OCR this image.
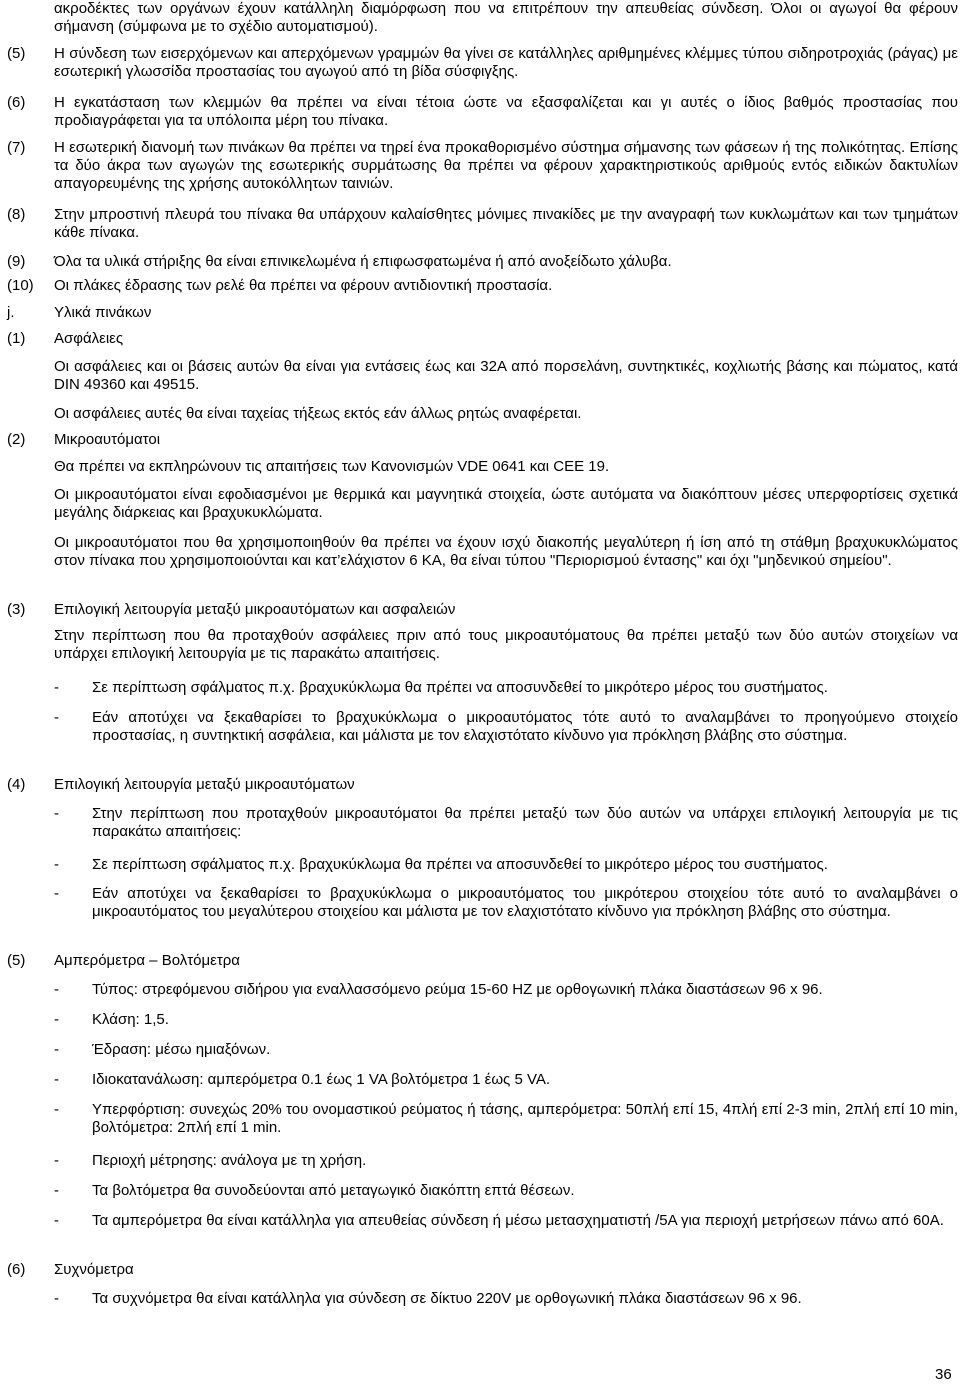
ακροδέκτες των οργάνων έχουν κατάλληλη διαμόρφωση που να επιτρέπουν την απευθείας σύνδεση. Όλοι οι αγωγοί θα φέρουν σήμανση (σύμφωνα με το σχέδιο αυτοματισμού).
(5) Η σύνδεση των εισερχόμενων και απερχόμενων γραμμών θα γίνει σε κατάλληλες αριθμημένες κλέμμες τύπου σιδηροτροχιάς (ράγας) με εσωτερική γλωσσίδα προστασίας του αγωγού από τη βίδα σύσφιγξης.
(6) Η εγκατάσταση των κλεμμών θα πρέπει να είναι τέτοια ώστε να εξασφαλίζεται και γι αυτές ο ίδιος βαθμός προστασίας που προδιαγράφεται για τα υπόλοιπα μέρη του πίνακα.
(7) Η εσωτερική διανομή των πινάκων θα πρέπει να τηρεί ένα προκαθορισμένο σύστημα σήμανσης των φάσεων ή της πολικότητας. Επίσης τα δύο άκρα των αγωγών της εσωτερικής συρμάτωσης θα πρέπει να φέρουν χαρακτηριστικούς αριθμούς εντός ειδικών δακτυλίων απαγορευμένης της χρήσης αυτοκόλλητων ταινιών.
(8) Στην μπροστινή πλευρά του πίνακα θα υπάρχουν καλαίσθητες μόνιμες πινακίδες με την αναγραφή των κυκλωμάτων και των τμημάτων κάθε πίνακα.
(9) Όλα τα υλικά στήριξης θα είναι επινικελωμένα ή επιφωσφατωμένα ή από ανοξείδωτο χάλυβα.
(10) Οι πλάκες έδρασης των ρελέ θα πρέπει να φέρουν αντιδιοντική προστασία.
j.	Υλικά πινάκων
(1) Ασφάλειες
Οι ασφάλειες και οι βάσεις αυτών θα είναι για εντάσεις έως και 32Α από πορσελάνη, συντηκτικές, κοχλιωτής βάσης και πώματος, κατά DIN 49360 και 49515.
Οι ασφάλειες αυτές θα είναι ταχείας τήξεως εκτός εάν άλλως ρητώς αναφέρεται.
(2) Μικροαυτόματοι
Θα πρέπει να εκπληρώνουν τις απαιτήσεις των Κανονισμών VDE 0641 και CEE 19.
Οι μικροαυτόματοι είναι εφοδιασμένοι με θερμικά και μαγνητικά στοιχεία, ώστε αυτόματα να διακόπτουν μέσες υπερφορτίσεις σχετικά μεγάλης διάρκειας και βραχυκυκλώματα.
Οι μικροαυτόματοι που θα χρησιμοποιηθούν θα πρέπει να έχουν ισχύ διακοπής μεγαλύτερη ή ίση από τη στάθμη βραχυκυκλώματος στον πίνακα που χρησιμοποιούνται και κατ’ελάχιστον 6 ΚΑ, θα είναι τύπου "Περιορισμού έντασης" και όχι "μηδενικού σημείου".
(3) Επιλογική λειτουργία μεταξύ μικροαυτόματων και ασφαλειών
Στην περίπτωση που θα προταχθούν ασφάλειες πριν από τους μικροαυτόματους θα πρέπει μεταξύ των δύο αυτών στοιχείων να υπάρχει επιλογική λειτουργία με τις παρακάτω απαιτήσεις.
- Σε περίπτωση σφάλματος π.χ. βραχυκύκλωμα θα πρέπει να αποσυνδεθεί το μικρότερο μέρος του συστήματος.
- Εάν αποτύχει να ξεκαθαρίσει το βραχυκύκλωμα ο μικροαυτόματος τότε αυτό το αναλαμβάνει το προηγούμενο στοιχείο προστασίας, η συντηκτική ασφάλεια, και μάλιστα με τον ελαχιστότατο κίνδυνο για πρόκληση βλάβης στο σύστημα.
(4) Επιλογική λειτουργία μεταξύ μικροαυτόματων
- Στην περίπτωση που προταχθούν μικροαυτόματοι θα πρέπει μεταξύ των δύο αυτών να υπάρχει επιλογική λειτουργία με τις παρακάτω απαιτήσεις:
- Σε περίπτωση σφάλματος π.χ. βραχυκύκλωμα θα πρέπει να αποσυνδεθεί το μικρότερο μέρος του συστήματος.
- Εάν αποτύχει να ξεκαθαρίσει το βραχυκύκλωμα ο μικροαυτόματος του μικρότερου στοιχείου τότε αυτό το αναλαμβάνει ο μικροαυτόματος του μεγαλύτερου στοιχείου και μάλιστα με τον ελαχιστότατο κίνδυνο για πρόκληση βλάβης στο σύστημα.
(5) Αμπερόμετρα – Βολτόμετρα
- Τύπος: στρεφόμενου σιδήρου για εναλλασσόμενο ρεύμα 15-60 HZ με ορθογωνική πλάκα διαστάσεων 96 x 96.
- Κλάση: 1,5.
- Έδραση: μέσω ημιαξόνων.
- Ιδιοκατανάλωση: αμπερόμετρα 0.1 έως 1 VA βολτόμετρα 1 έως 5 VA.
- Υπερφόρτιση: συνεχώς 20% του ονομαστικού ρεύματος ή τάσης, αμπερόμετρα: 50πλή επί 15, 4πλή επί 2-3 min, 2πλή επί 10 min, βολτόμετρα: 2πλή επί 1 min.
- Περιοχή μέτρησης: ανάλογα με τη χρήση.
- Τα βολτόμετρα θα συνοδεύονται από μεταγωγικό διακόπτη επτά θέσεων.
- Τα αμπερόμετρα θα είναι κατάλληλα για απευθείας σύνδεση ή μέσω μετασχηματιστή /5Α για περιοχή μετρήσεων πάνω από 60Α.
(6) Συχνόμετρα
- Τα συχνόμετρα θα είναι κατάλληλα για σύνδεση σε δίκτυο 220V με ορθογωνική πλάκα διαστάσεων 96 x 96.
36
